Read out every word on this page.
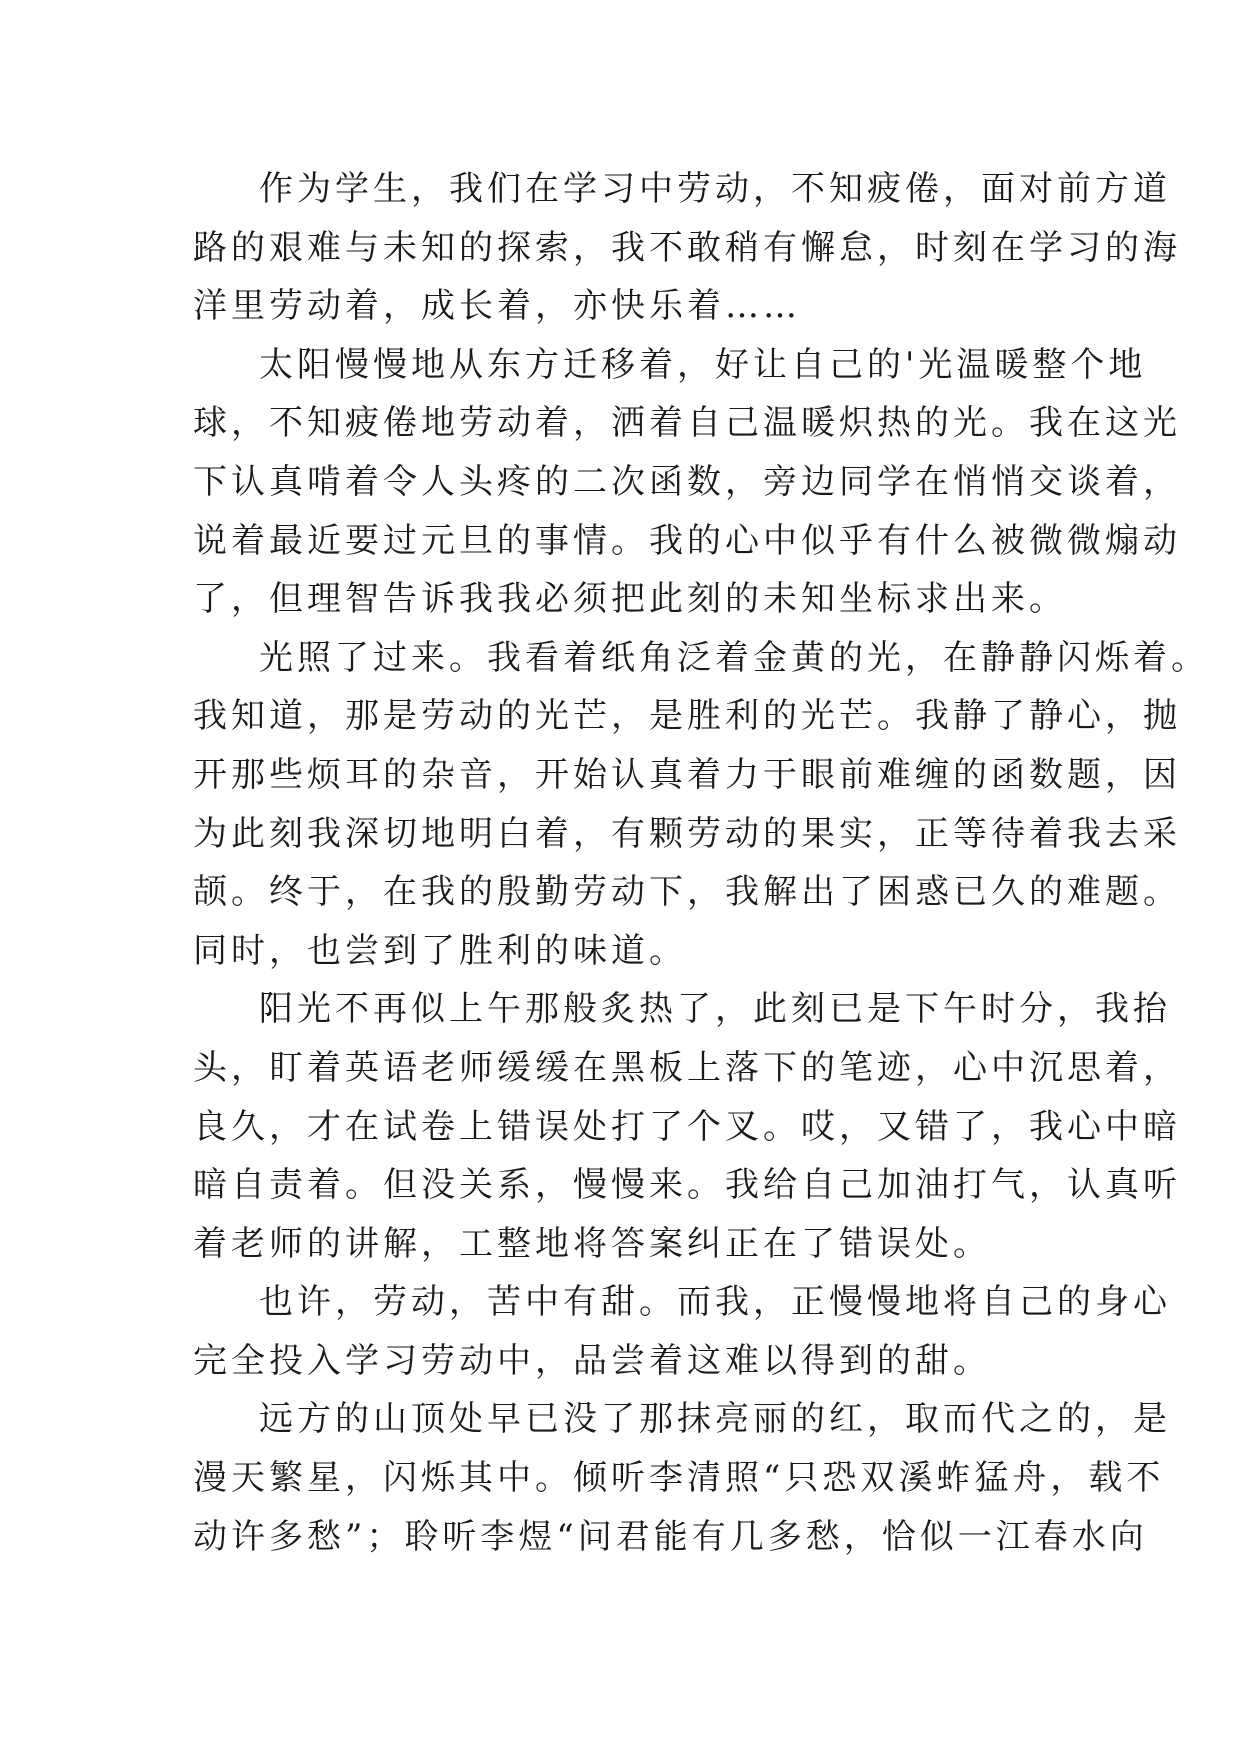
作为学生，我们在学习中劳动，不知疲倦，面对前方道
路的艰难与未知的探索，我不敢稍有懈怠，时刻在学习的海
洋里劳动着，成长着，亦快乐着……
太阳慢慢地从东方迁移着，好让自己的'光温暖整个地
球，不知疲倦地劳动着，洒着自己温暖炽热的光。我在这光
下认真啃着令人头疼的二次函数，旁边同学在悄悄交谈着，
说着最近要过元旦的事情。我的心中似乎有什么被微微煽动
了，但理智告诉我我必须把此刻的未知坐标求出来。
光照了过来。我看着纸角泛着金黄的光，在静静闪烁着。
我知道，那是劳动的光芒，是胜利的光芒。我静了静心，抛
开那些烦耳的杂音，开始认真着力于眼前难缠的函数题，因
为此刻我深切地明白着，有颗劳动的果实，正等待着我去采
颉。终于，在我的殷勤劳动下，我解出了困惑已久的难题。
同时，也尝到了胜利的味道。
阳光不再似上午那般炙热了，此刻已是下午时分，我抬
头，盯着英语老师缓缓在黑板上落下的笔迹，心中沉思着，
良久，才在试卷上错误处打了个叉。哎，又错了，我心中暗
暗自责着。但没关系，慢慢来。我给自己加油打气，认真听
着老师的讲解，工整地将答案纠正在了错误处。
也许，劳动，苦中有甜。而我，正慢慢地将自己的身心
完全投入学习劳动中，品尝着这难以得到的甜。
远方的山顶处早已没了那抹亮丽的红，取而代之的，是
漫天繁星，闪烁其中。倾听李清照“只恐双溪蚱猛舟，载不
动许多愁”；聆听李煜“问君能有几多愁，恰似一江春水向
